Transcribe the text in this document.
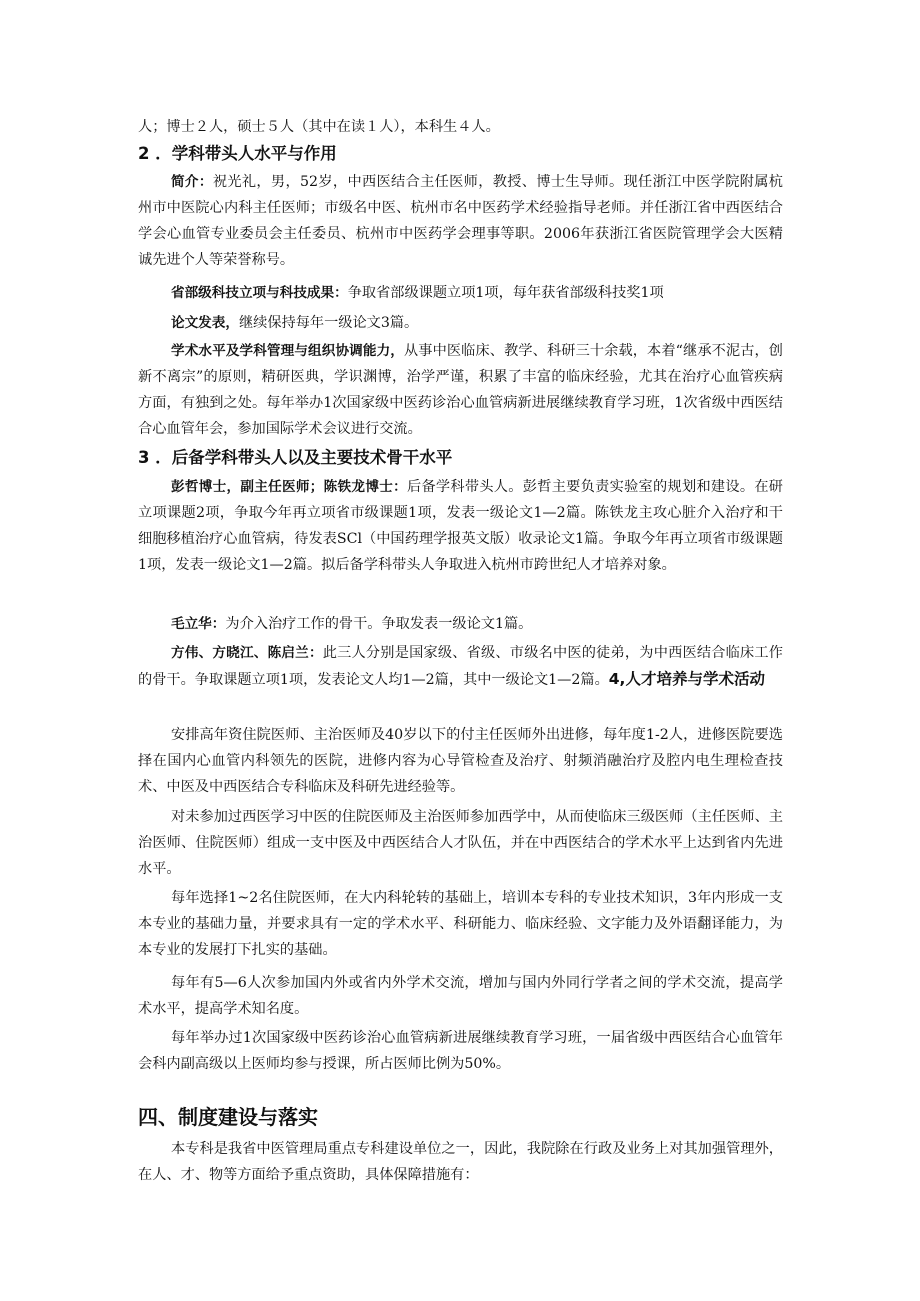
人；博士２人，硕士５人（其中在读１人），本科生４人。

2 ．学科带头人水平与作用

简介：祝光礼，男，52岁，中西医结合主任医师，教授、博士生导师。现任浙江中医学院附属杭州市中医院心内科主任医师；市级名中医、杭州市名中医药学术经验指导老师。并任浙江省中西医结合学会心血管专业委员会主任委员、杭州市中医药学会理事等职。2006年获浙江省医院管理学会大医精诚先进个人等荣誉称号。

省部级科技立项与科技成果：争取省部级课题立项1项，每年获省部级科技奖1项

论文发表，继续保持每年一级论文3篇。

学术水平及学科管理与组织协调能力，从事中医临床、教学、科研三十余载，本着“继承不泥古，创新不离宗”的原则，精研医典，学识渊博，治学严谨，积累了丰富的临床经验，尤其在治疗心血管疾病方面，有独到之处。每年举办1次国家级中医药诊治心血管病新进展继续教育学习班，1次省级中西医结合心血管年会，参加国际学术会议进行交流。

3 ．后备学科带头人以及主要技术骨干水平

彭哲博士，副主任医师；陈铁龙博士：后备学科带头人。彭哲主要负责实验室的规划和建设。在研立项课题2项，争取今年再立项省市级课题1项，发表一级论文1—2篇。陈铁龙主攻心脏介入治疗和干细胞移植治疗心血管病，待发表SCl（中国药理学报英文版）收录论文1篇。争取今年再立项省市级课题1项，发表一级论文1—2篇。拟后备学科带头人争取进入杭州市跨世纪人才培养对象。

毛立华：为介入治疗工作的骨干。争取发表一级论文1篇。

方伟、方晓江、陈启兰：此三人分别是国家级、省级、市级名中医的徒弟，为中西医结合临床工作的骨干。争取课题立项1项，发表论文人均1—2篇，其中一级论文1—2篇。4,人才培养与学术活动

安排高年资住院医师、主治医师及40岁以下的付主任医师外出进修，每年度1-2人，进修医院要选择在国内心血管内科领先的医院，进修内容为心导管检查及治疗、射频消融治疗及腔内电生理检查技术、中医及中西医结合专科临床及科研先进经验等。

对未参加过西医学习中医的住院医师及主治医师参加西学中，从而使临床三级医师（主任医师、主治医师、住院医师）组成一支中医及中西医结合人才队伍，并在中西医结合的学术水平上达到省内先进水平。

每年选择1~2名住院医师，在大内科轮转的基础上，培训本专科的专业技术知识，3年内形成一支本专业的基础力量，并要求具有一定的学术水平、科研能力、临床经验、文字能力及外语翻译能力，为本专业的发展打下扎实的基础。

每年有5—6人次参加国内外或省内外学术交流，增加与国内外同行学者之间的学术交流，提高学术水平，提高学术知名度。

每年举办过1次国家级中医药诊治心血管病新进展继续教育学习班，一届省级中西医结合心血管年会科内副高级以上医师均参与授课，所占医师比例为50%。

四、制度建设与落实

本专科是我省中医管理局重点专科建设单位之一，因此，我院除在行政及业务上对其加强管理外，在人、才、物等方面给予重点资助，具体保障措施有：
